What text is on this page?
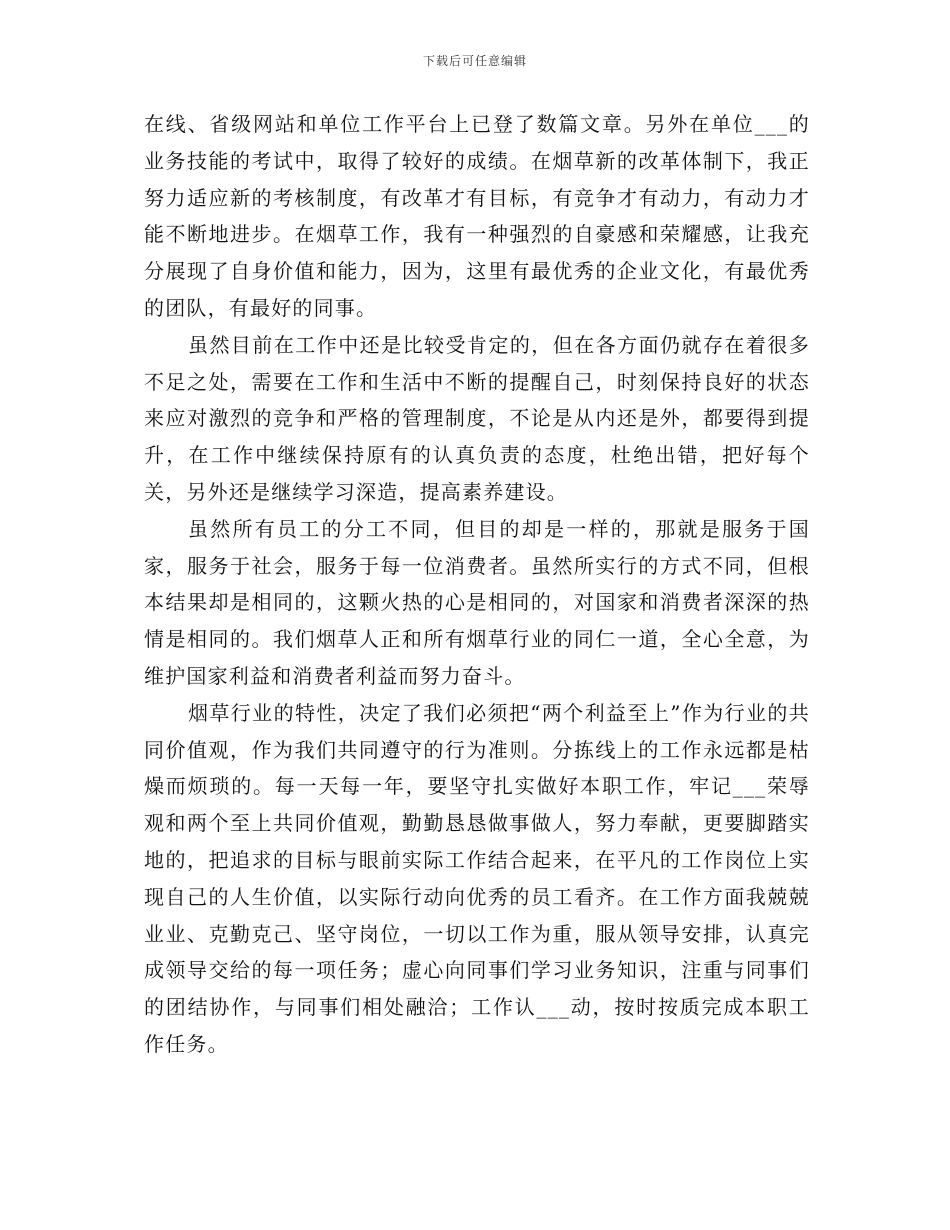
下载后可任意编辑

在线、省级网站和单位工作平台上已登了数篇文章。另外在单位___的业务技能的考试中，取得了较好的成绩。在烟草新的改革体制下，我正努力适应新的考核制度，有改革才有目标，有竞争才有动力，有动力才能不断地进步。在烟草工作，我有一种强烈的自豪感和荣耀感，让我充分展现了自身价值和能力，因为，这里有最优秀的企业文化，有最优秀的团队，有最好的同事。

虽然目前在工作中还是比较受肯定的，但在各方面仍就存在着很多不足之处，需要在工作和生活中不断的提醒自己，时刻保持良好的状态来应对激烈的竞争和严格的管理制度，不论是从内还是外，都要得到提升，在工作中继续保持原有的认真负责的态度，杜绝出错，把好每个关，另外还是继续学习深造，提高素养建设。

虽然所有员工的分工不同，但目的却是一样的，那就是服务于国家，服务于社会，服务于每一位消费者。虽然所实行的方式不同，但根本结果却是相同的，这颗火热的心是相同的，对国家和消费者深深的热情是相同的。我们烟草人正和所有烟草行业的同仁一道，全心全意，为维护国家利益和消费者利益而努力奋斗。

烟草行业的特性，决定了我们必须把“两个利益至上”作为行业的共同价值观，作为我们共同遵守的行为准则。分拣线上的工作永远都是枯燥而烦琐的。每一天每一年，要坚守扎实做好本职工作，牢记___荣辱观和两个至上共同价值观，勤勤恳恳做事做人，努力奉献，更要脚踏实地的，把追求的目标与眼前实际工作结合起来，在平凡的工作岗位上实现自己的人生价值，以实际行动向优秀的员工看齐。在工作方面我兢兢业业、克勤克己、坚守岗位，一切以工作为重，服从领导安排，认真完成领导交给的每一项任务；虚心向同事们学习业务知识，注重与同事们的团结协作，与同事们相处融洽；工作认___动，按时按质完成本职工作任务。
